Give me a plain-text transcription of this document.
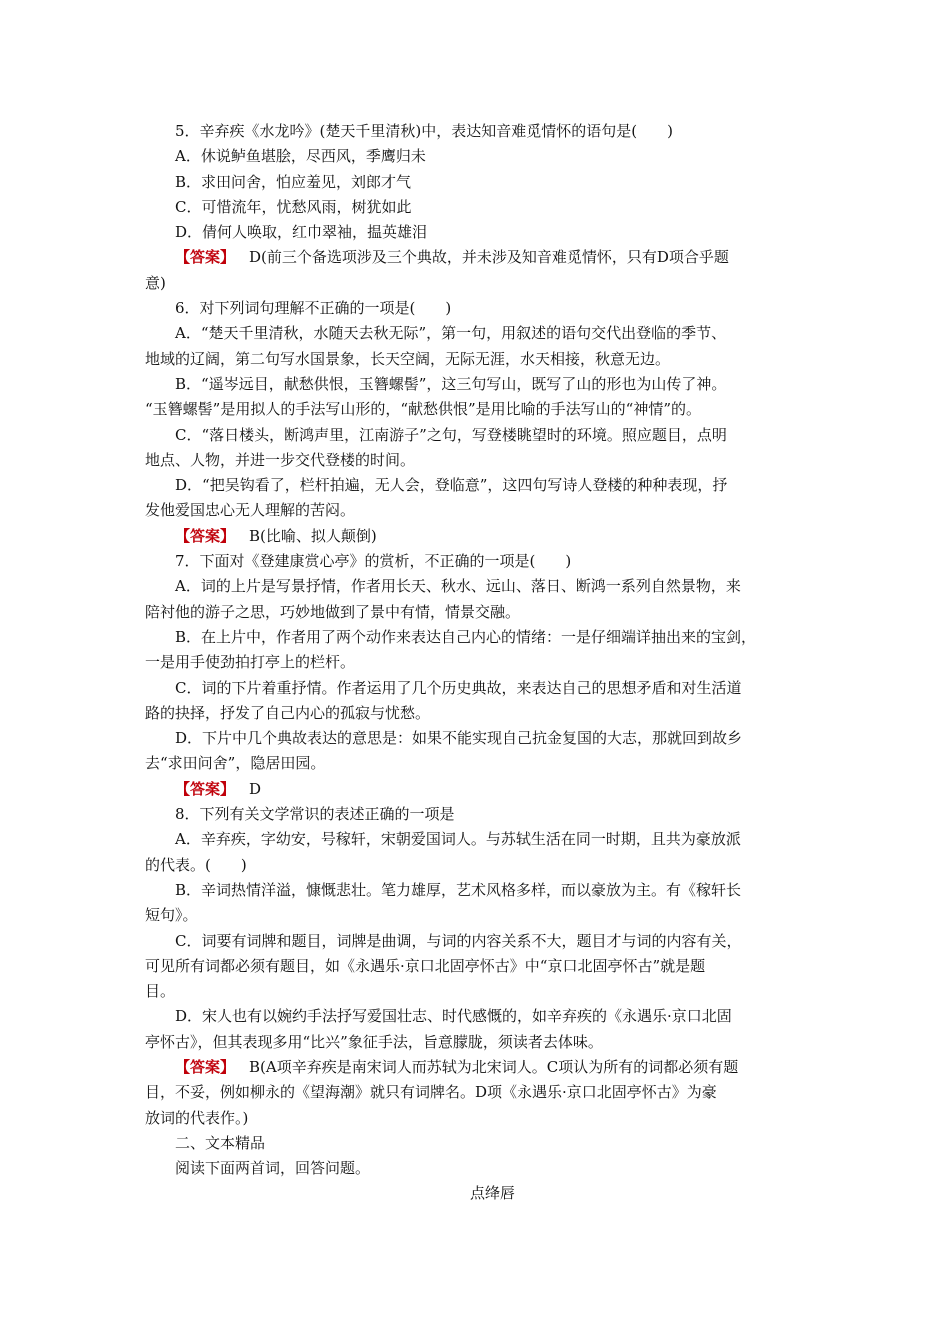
5．辛弃疾《水龙吟》(楚天千里清秋)中，表达知音难觅情怀的语句是(　　)
A．休说鲈鱼堪脍，尽西风，季鹰归未
B．求田问舍，怕应羞见，刘郎才气
C．可惜流年，忧愁风雨，树犹如此
D．倩何人唤取，红巾翠袖，揾英雄泪
【答案】 D(前三个备选项涉及三个典故，并未涉及知音难觅情怀，只有D项合乎题
意)
6．对下列词句理解不正确的一项是(　　)
A．“楚天千里清秋，水随天去秋无际”，第一句，用叙述的语句交代出登临的季节、
地域的辽阔，第二句写水国景象，长天空阔，无际无涯，水天相接，秋意无边。
B．“遥岑远目，献愁供恨，玉簪螺髻”，这三句写山，既写了山的形也为山传了神。
“玉簪螺髻”是用拟人的手法写山形的，“献愁供恨”是用比喻的手法写山的“神情”的。
C．“落日楼头，断鸿声里，江南游子”之句，写登楼眺望时的环境。照应题目，点明
地点、人物，并进一步交代登楼的时间。
D．“把吴钩看了，栏杆拍遍，无人会，登临意”，这四句写诗人登楼的种种表现，抒
发他爱国忠心无人理解的苦闷。
【答案】 B(比喻、拟人颠倒)
7．下面对《登建康赏心亭》的赏析，不正确的一项是(　　)
A．词的上片是写景抒情，作者用长天、秋水、远山、落日、断鸿一系列自然景物，来
陪衬他的游子之思，巧妙地做到了景中有情，情景交融。
B．在上片中，作者用了两个动作来表达自己内心的情绪：一是仔细端详抽出来的宝剑，
一是用手使劲拍打亭上的栏杆。
C．词的下片着重抒情。作者运用了几个历史典故，来表达自己的思想矛盾和对生活道
路的抉择，抒发了自己内心的孤寂与忧愁。
D．下片中几个典故表达的意思是：如果不能实现自己抗金复国的大志，那就回到故乡
去“求田问舍”，隐居田园。
【答案】 D
8．下列有关文学常识的表述正确的一项是
A．辛弃疾，字幼安，号稼轩，宋朝爱国词人。与苏轼生活在同一时期，且共为豪放派
的代表。(　　)
B．辛词热情洋溢，慷慨悲壮。笔力雄厚，艺术风格多样，而以豪放为主。有《稼轩长
短句》。
C．词要有词牌和题目，词牌是曲调，与词的内容关系不大，题目才与词的内容有关，
可见所有词都必须有题目，如《永遇乐·京口北固亭怀古》中“京口北固亭怀古”就是题
目。
D．宋人也有以婉约手法抒写爱国壮志、时代感慨的，如辛弃疾的《永遇乐·京口北固
亭怀古》，但其表现多用“比兴”象征手法，旨意朦胧，须读者去体味。
【答案】 B(A项辛弃疾是南宋词人而苏轼为北宋词人。C项认为所有的词都必须有题
目，不妥，例如柳永的《望海潮》就只有词牌名。D项《永遇乐·京口北固亭怀古》为豪
放词的代表作。)
二、文本精品
阅读下面两首词，回答问题。
点绛唇
